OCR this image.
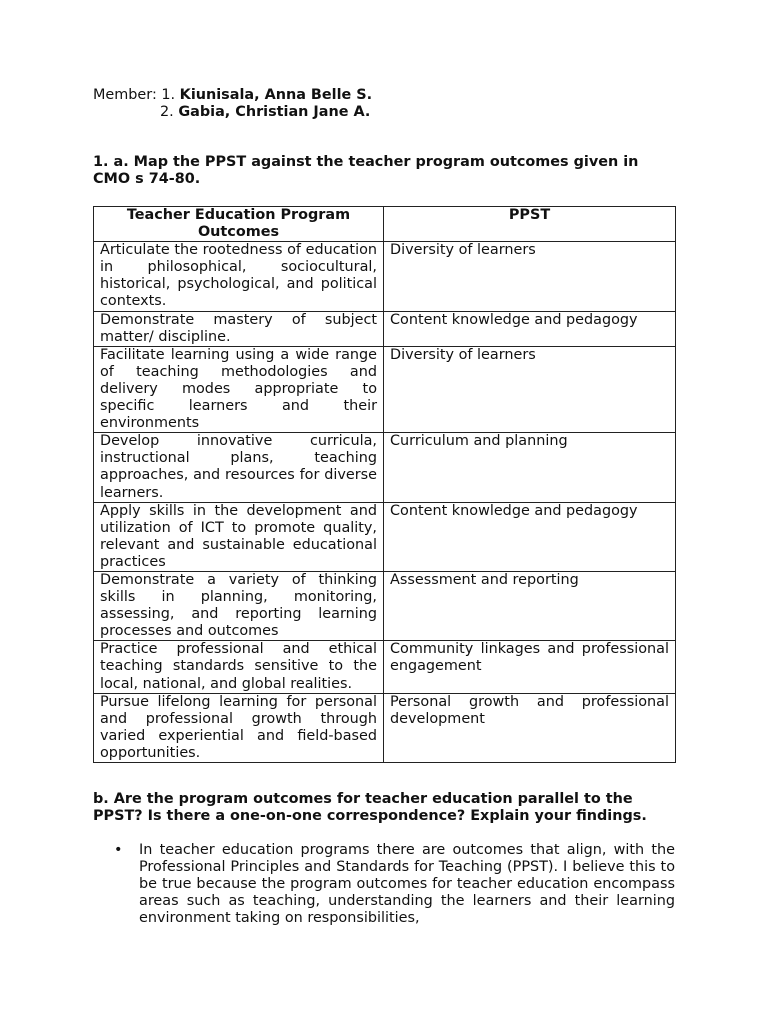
Member: 1. Kiunisala, Anna Belle S.
2. Gabia, Christian Jane A.
1. a. Map the PPST against the teacher program outcomes given in CMO s 74-80.
Teacher Education Program Outcomes	PPST
Articulate the rootedness of education in philosophical, sociocultural, historical, psychological, and political contexts.	Diversity of learners
Demonstrate mastery of subject matter/ discipline.	Content knowledge and pedagogy
Facilitate learning using a wide range of teaching methodologies and delivery modes appropriate to specific learners and their environments	Diversity of learners
Develop innovative curricula, instructional plans, teaching approaches, and resources for diverse learners.	Curriculum and planning
Apply skills in the development and utilization of ICT to promote quality, relevant and sustainable educational practices	Content knowledge and pedagogy
Demonstrate a variety of thinking skills in planning, monitoring, assessing, and reporting learning processes and outcomes	Assessment and reporting
Practice professional and ethical teaching standards sensitive to the local, national, and global realities.	Community linkages and professional engagement
Pursue lifelong learning for personal and professional growth through varied experiential and field-based opportunities.	Personal growth and professional development
b. Are the program outcomes for teacher education parallel to the PPST? Is there a one-on-one correspondence? Explain your findings.
• In teacher education programs there are outcomes that align, with the Professional Principles and Standards for Teaching (PPST). I believe this to be true because the program outcomes for teacher education encompass areas such as teaching, understanding the learners and their learning environment taking on responsibilities,
